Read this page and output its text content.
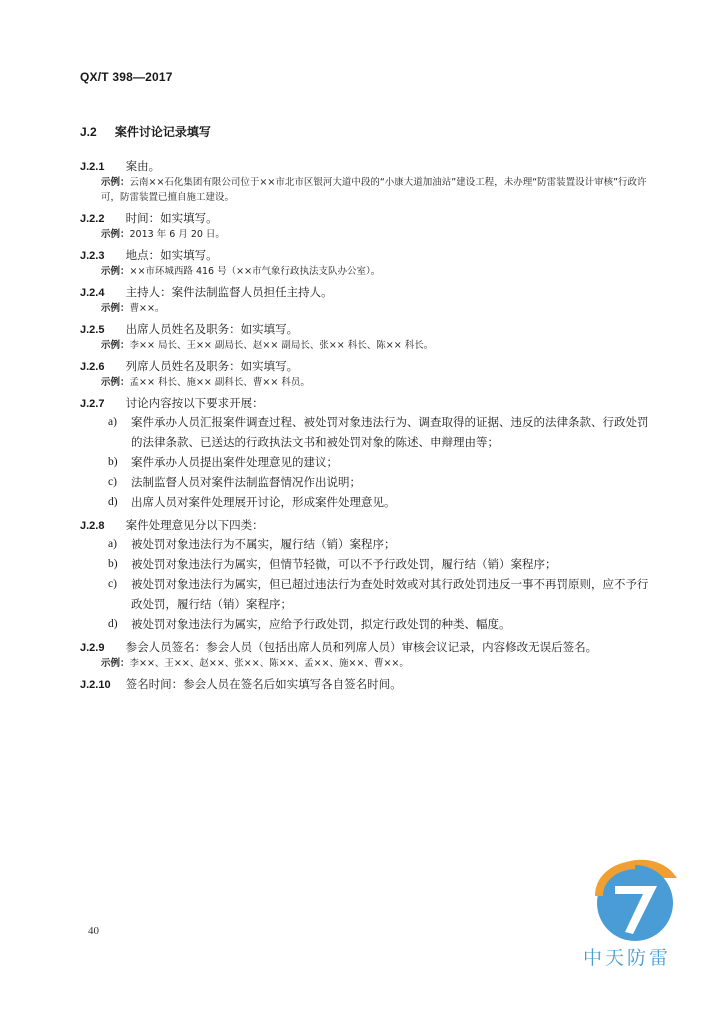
QX/T 398—2017
J.2 案件讨论记录填写
J.2.1 案由。
示例：云南××石化集团有限公司位于××市北市区银河大道中段的“小康大道加油站”建设工程，未办理“防雷装置设计审核”行政许可，防雷装置已擅自施工建设。
J.2.2 时间：如实填写。
示例：2013 年 6 月 20 日。
J.2.3 地点：如实填写。
示例：××市环城西路 416 号（××市气象行政执法支队办公室）。
J.2.4 主持人：案件法制监督人员担任主持人。
示例：曹××。
J.2.5 出席人员姓名及职务：如实填写。
示例：李×× 局长、王×× 副局长、赵×× 副局长、张×× 科长、陈×× 科长。
J.2.6 列席人员姓名及职务：如实填写。
示例：孟×× 科长、施×× 副科长、曹×× 科员。
J.2.7 讨论内容按以下要求开展：
a) 案件承办人员汇报案件调查过程、被处罚对象违法行为、调查取得的证据、违反的法律条款、行政处罚的法律条款、已送达的行政执法文书和被处罚对象的陈述、申辩理由等；
b) 案件承办人员提出案件处理意见的建议；
c) 法制监督人员对案件法制监督情况作出说明；
d) 出席人员对案件处理展开讨论，形成案件处理意见。
J.2.8 案件处理意见分以下四类：
a) 被处罚对象违法行为不属实，履行结（销）案程序；
b) 被处罚对象违法行为属实，但情节轻微，可以不予行政处罚，履行结（销）案程序；
c) 被处罚对象违法行为属实，但已超过违法行为查处时效或对其行政处罚违反一事不再罚原则，应不予行政处罚，履行结（销）案程序；
d) 被处罚对象违法行为属实，应给予行政处罚，拟定行政处罚的种类、幅度。
J.2.9 参会人员签名：参会人员（包括出席人员和列席人员）审核会议记录，内容修改无误后签名。
示例：李××、王××、赵××、张××、陈××、孟××、施××、曹××。
J.2.10 签名时间：参会人员在签名后如实填写各自签名时间。
40
中天防雷
